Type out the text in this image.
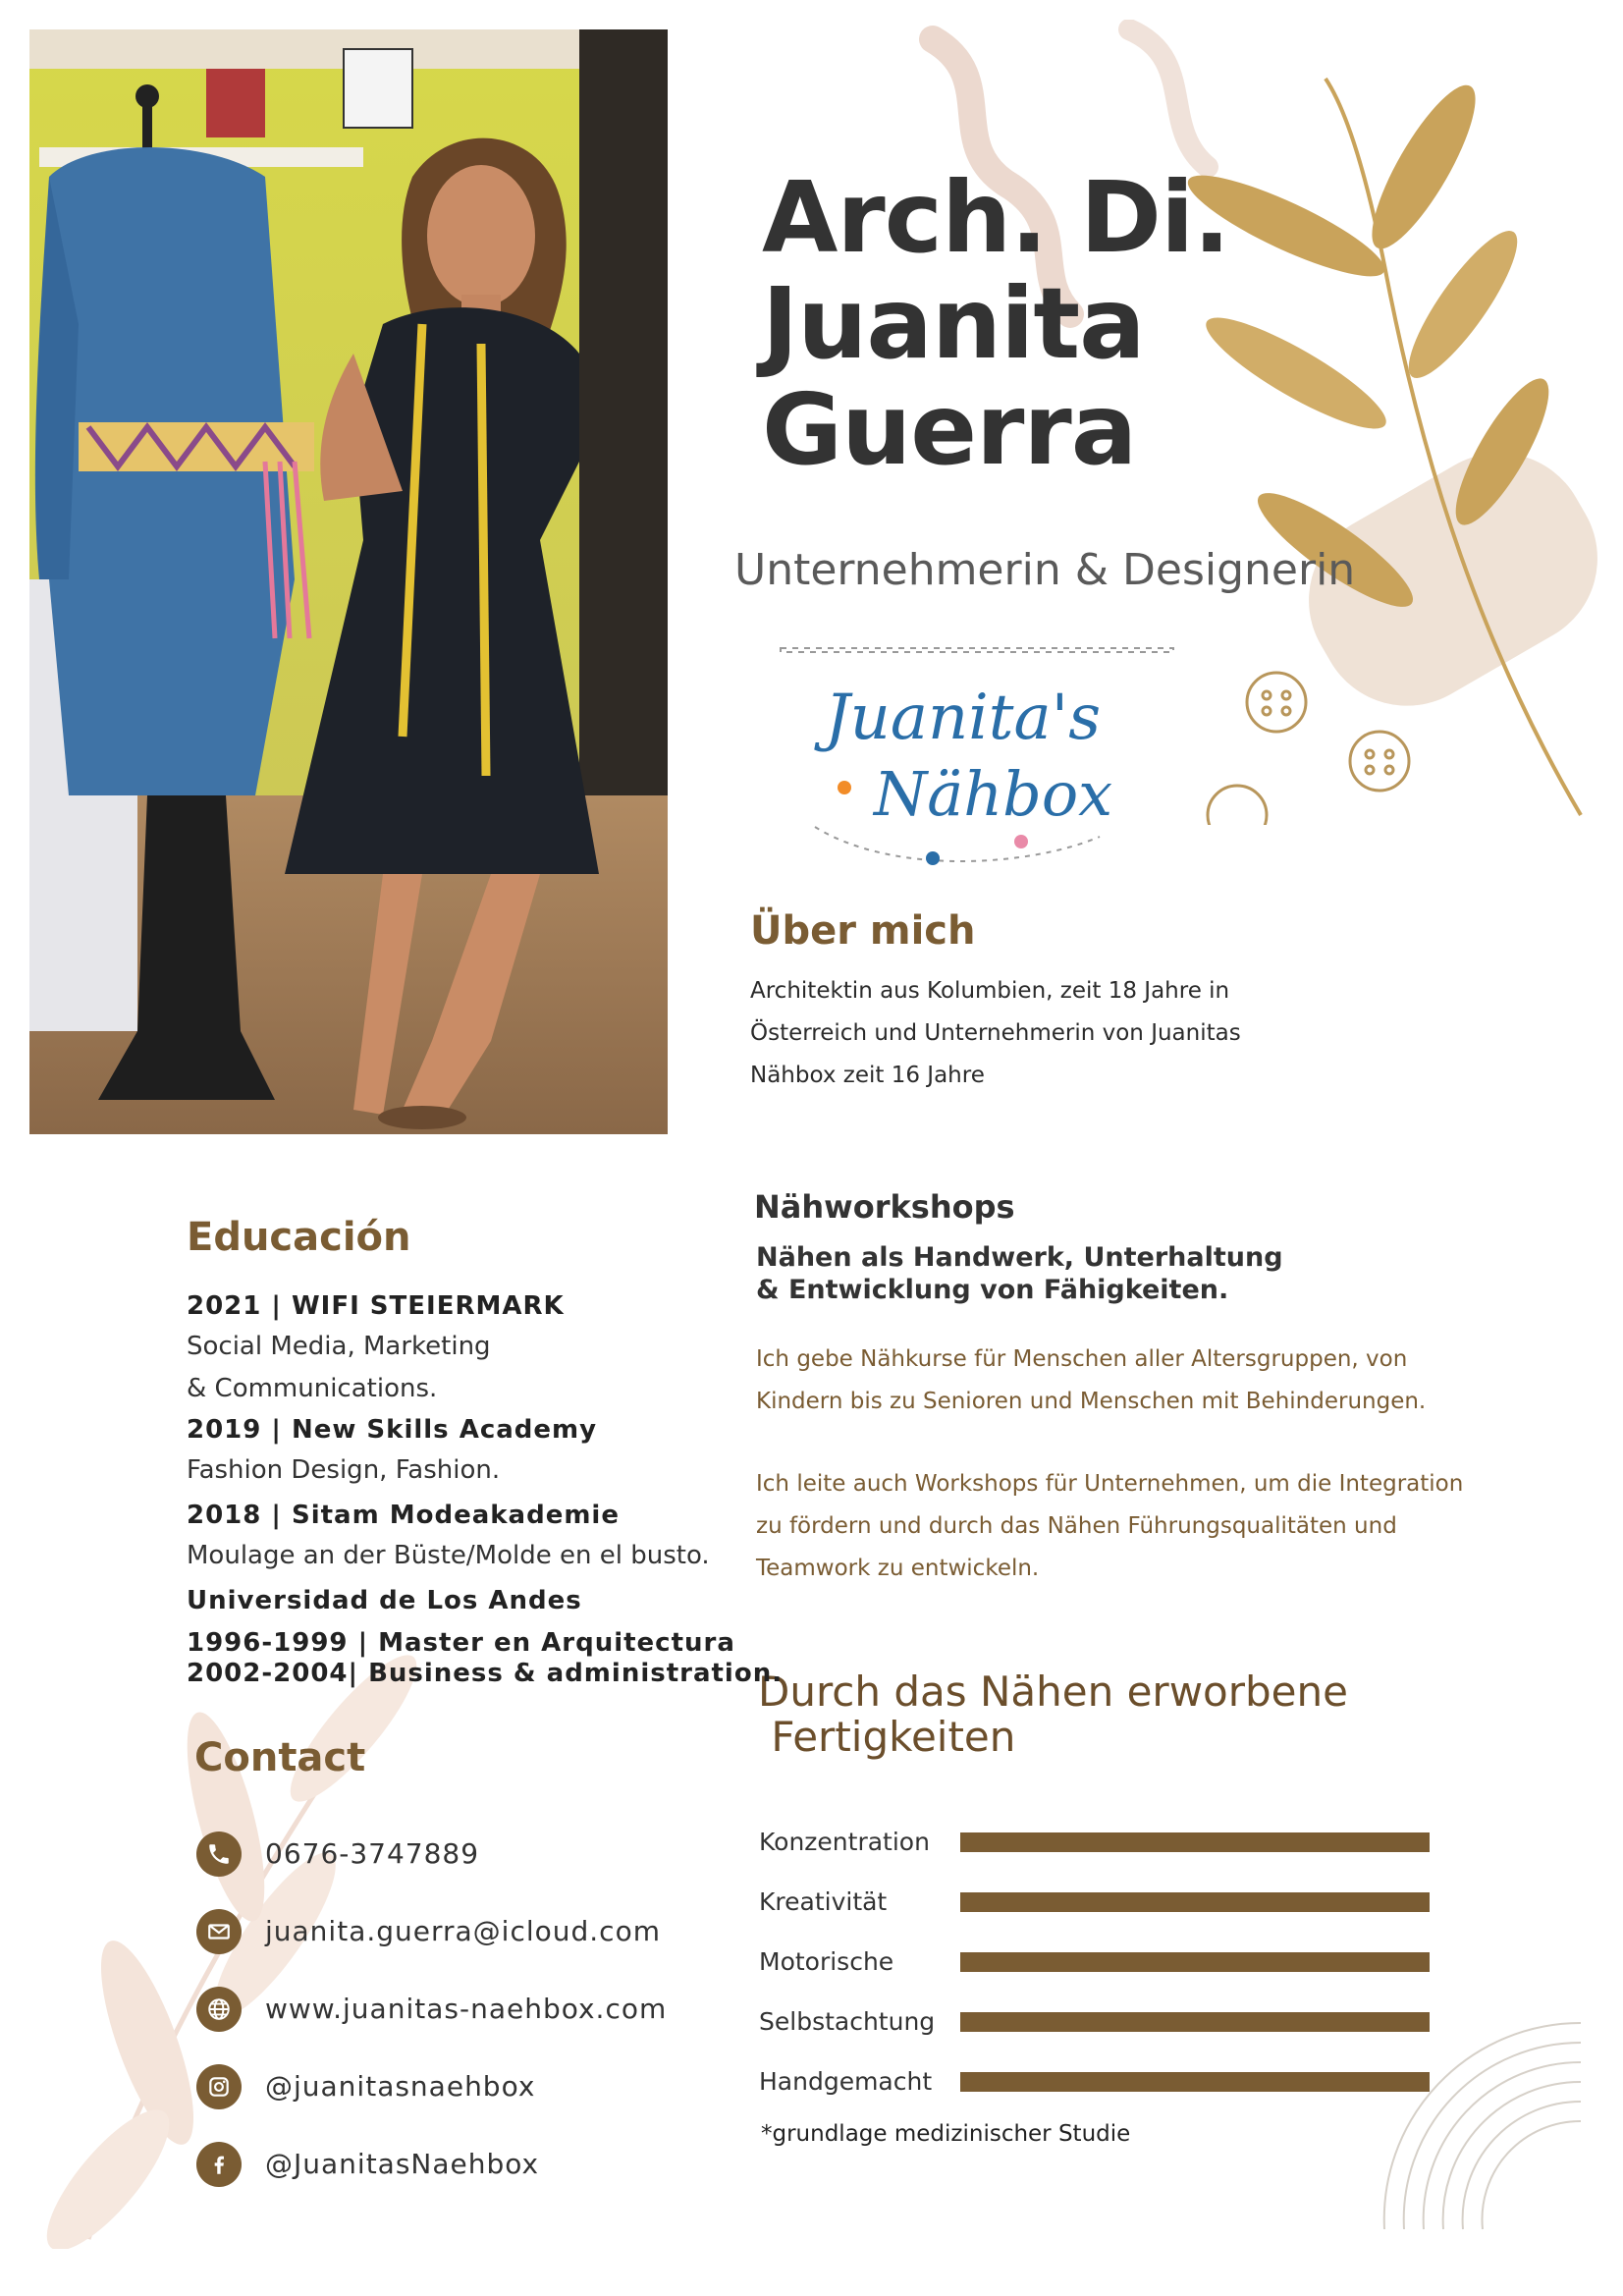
Arch. Di.
Juanita
Guerra
Unternehmerin & Designerin
Juanita's
Nähbox
Über mich
Architektin aus Kolumbien, zeit 18 Jahre in
Österreich und Unternehmerin von Juanitas
Nähbox zeit 16 Jahre
Nähworkshops
Nähen als Handwerk, Unterhaltung
& Entwicklung von Fähigkeiten.
Ich gebe Nähkurse für Menschen aller Altersgruppen, von
Kindern bis zu Senioren und Menschen mit Behinderungen.
Ich leite auch Workshops für Unternehmen, um die Integration
zu fördern und durch das Nähen Führungsqualitäten und
Teamwork zu entwickeln.
Durch das Nähen erworbene
Fertigkeiten
Konzentration
Kreativität
Motorische
Selbstachtung
Handgemacht
*grundlage medizinischer Studie
Educación
2021 | WIFI STEIERMARK
Social Media, Marketing
& Communications.
2019 | New Skills Academy
Fashion Design, Fashion.
2018 | Sitam Modeakademie
Moulage an der Büste/Molde en el busto.
Universidad de Los Andes
1996-1999 | Master en Arquitectura
2002-2004| Business & administration.
Contact
0676-3747889
juanita.guerra@icloud.com
www.juanitas-naehbox.com
@juanitasnaehbox
@JuanitasNaehbox
